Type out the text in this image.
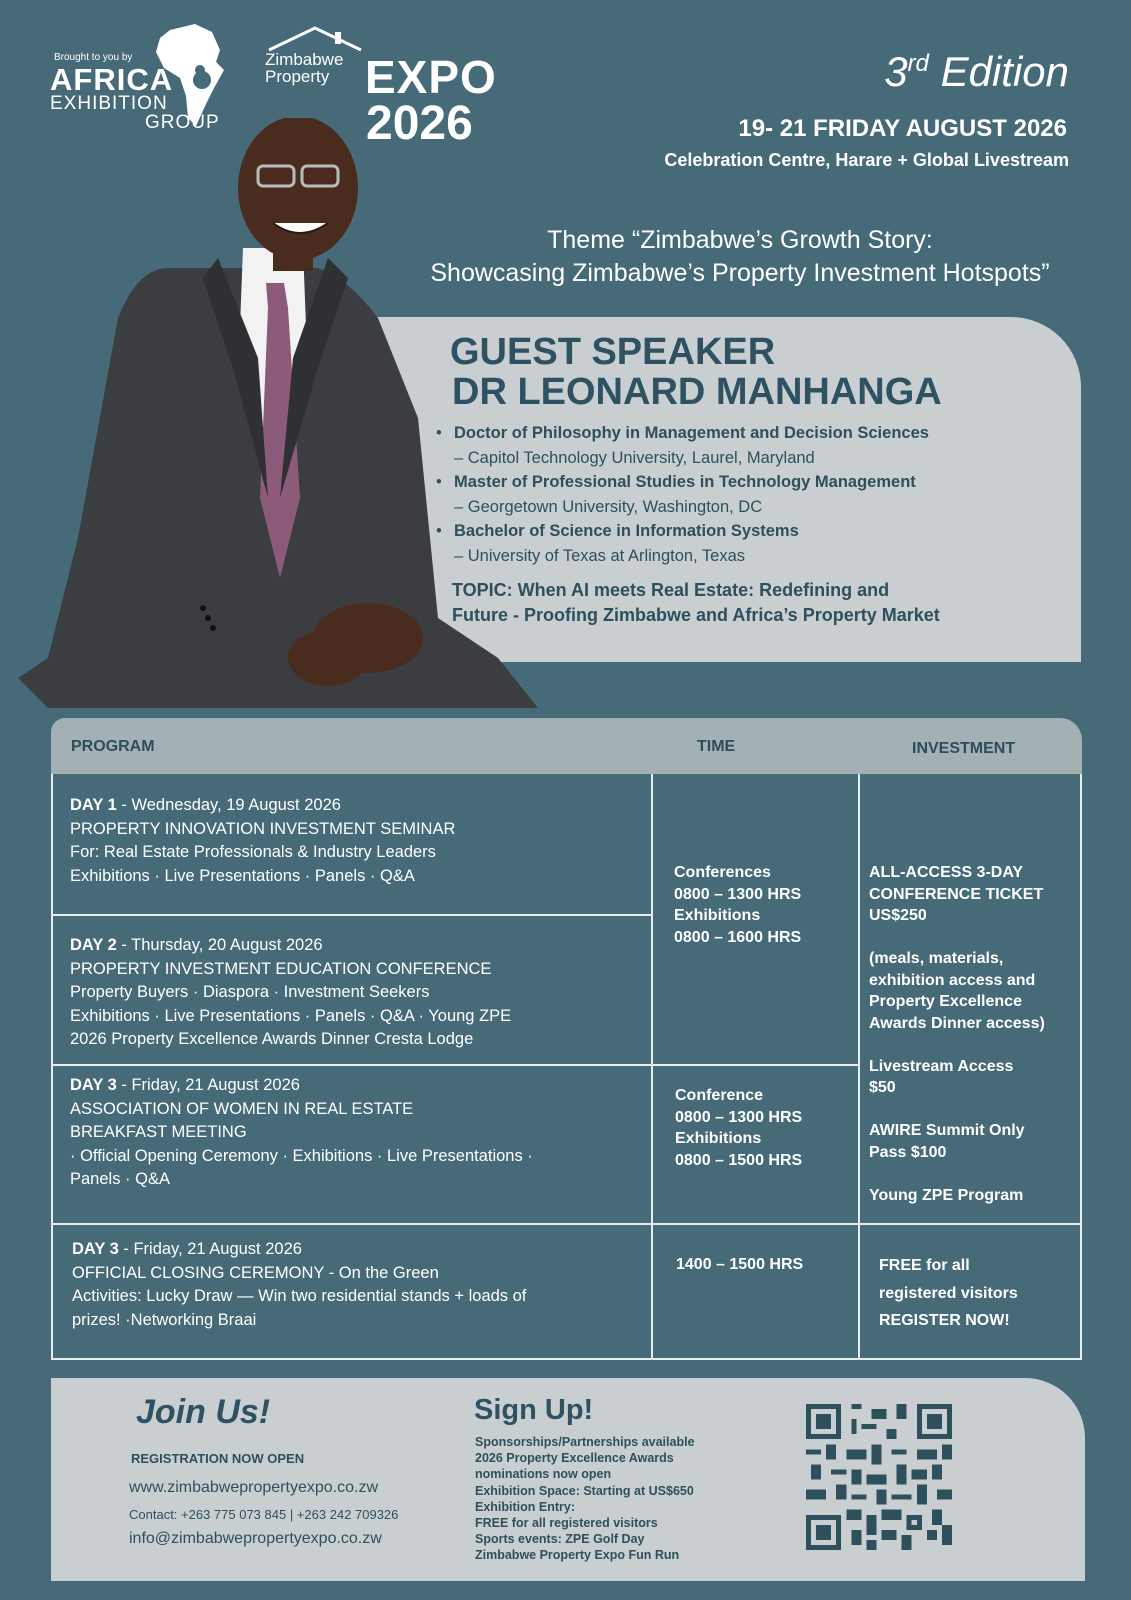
Brought to you by
AFRICA
EXHIBITION
GROUP
Zimbabwe
Property EXPO
2026
3rd Edition
19- 21 FRIDAY AUGUST 2026
Celebration Centre, Harare + Global Livestream
Theme “Zimbabwe’s Growth Story:
Showcasing Zimbabwe’s Property Investment Hotspots”
GUEST SPEAKER
DR LEONARD MANHANGA
• Doctor of Philosophy in Management and Decision Sciences
– Capitol Technology University, Laurel, Maryland
• Master of Professional Studies in Technology Management
– Georgetown University, Washington, DC
• Bachelor of Science in Information Systems
– University of Texas at Arlington, Texas
TOPIC: When AI meets Real Estate: Redefining and
Future - Proofing Zimbabwe and Africa’s Property Market
PROGRAM	TIME	INVESTMENT
DAY 1 - Wednesday, 19 August 2026
PROPERTY INNOVATION INVESTMENT SEMINAR
For: Real Estate Professionals & Industry Leaders
Exhibitions · Live Presentations · Panels · Q&A
DAY 2 - Thursday, 20 August 2026
PROPERTY INVESTMENT EDUCATION CONFERENCE
Property Buyers · Diaspora · Investment Seekers
Exhibitions · Live Presentations · Panels · Q&A · Young ZPE
2026 Property Excellence Awards Dinner Cresta Lodge
DAY 3 - Friday, 21 August 2026
ASSOCIATION OF WOMEN IN REAL ESTATE
BREAKFAST MEETING
· Official Opening Ceremony · Exhibitions · Live Presentations ·
Panels · Q&A
DAY 3 - Friday, 21 August 2026
OFFICIAL CLOSING CEREMONY - On the Green
Activities: Lucky Draw — Win two residential stands + loads of
prizes! ·Networking Braai
Conferences
0800 – 1300 HRS
Exhibitions
0800 – 1600 HRS
Conference
0800 – 1300 HRS
Exhibitions
0800 – 1500 HRS
1400 – 1500 HRS
ALL-ACCESS 3-DAY
CONFERENCE TICKET
US$250
(meals, materials,
exhibition access and
Property Excellence
Awards Dinner access)
Livestream Access
$50
AWIRE Summit Only
Pass $100
Young ZPE Program
FREE for all
registered visitors
REGISTER NOW!
Join Us!
REGISTRATION NOW OPEN
www.zimbabwepropertyexpo.co.zw
Contact: +263 775 073 845 | +263 242 709326
info@zimbabwepropertyexpo.co.zw
Sign Up!
Sponsorships/Partnerships available
2026 Property Excellence Awards
nominations now open
Exhibition Space: Starting at US$650
Exhibition Entry:
FREE for all registered visitors
Sports events: ZPE Golf Day
Zimbabwe Property Expo Fun Run
